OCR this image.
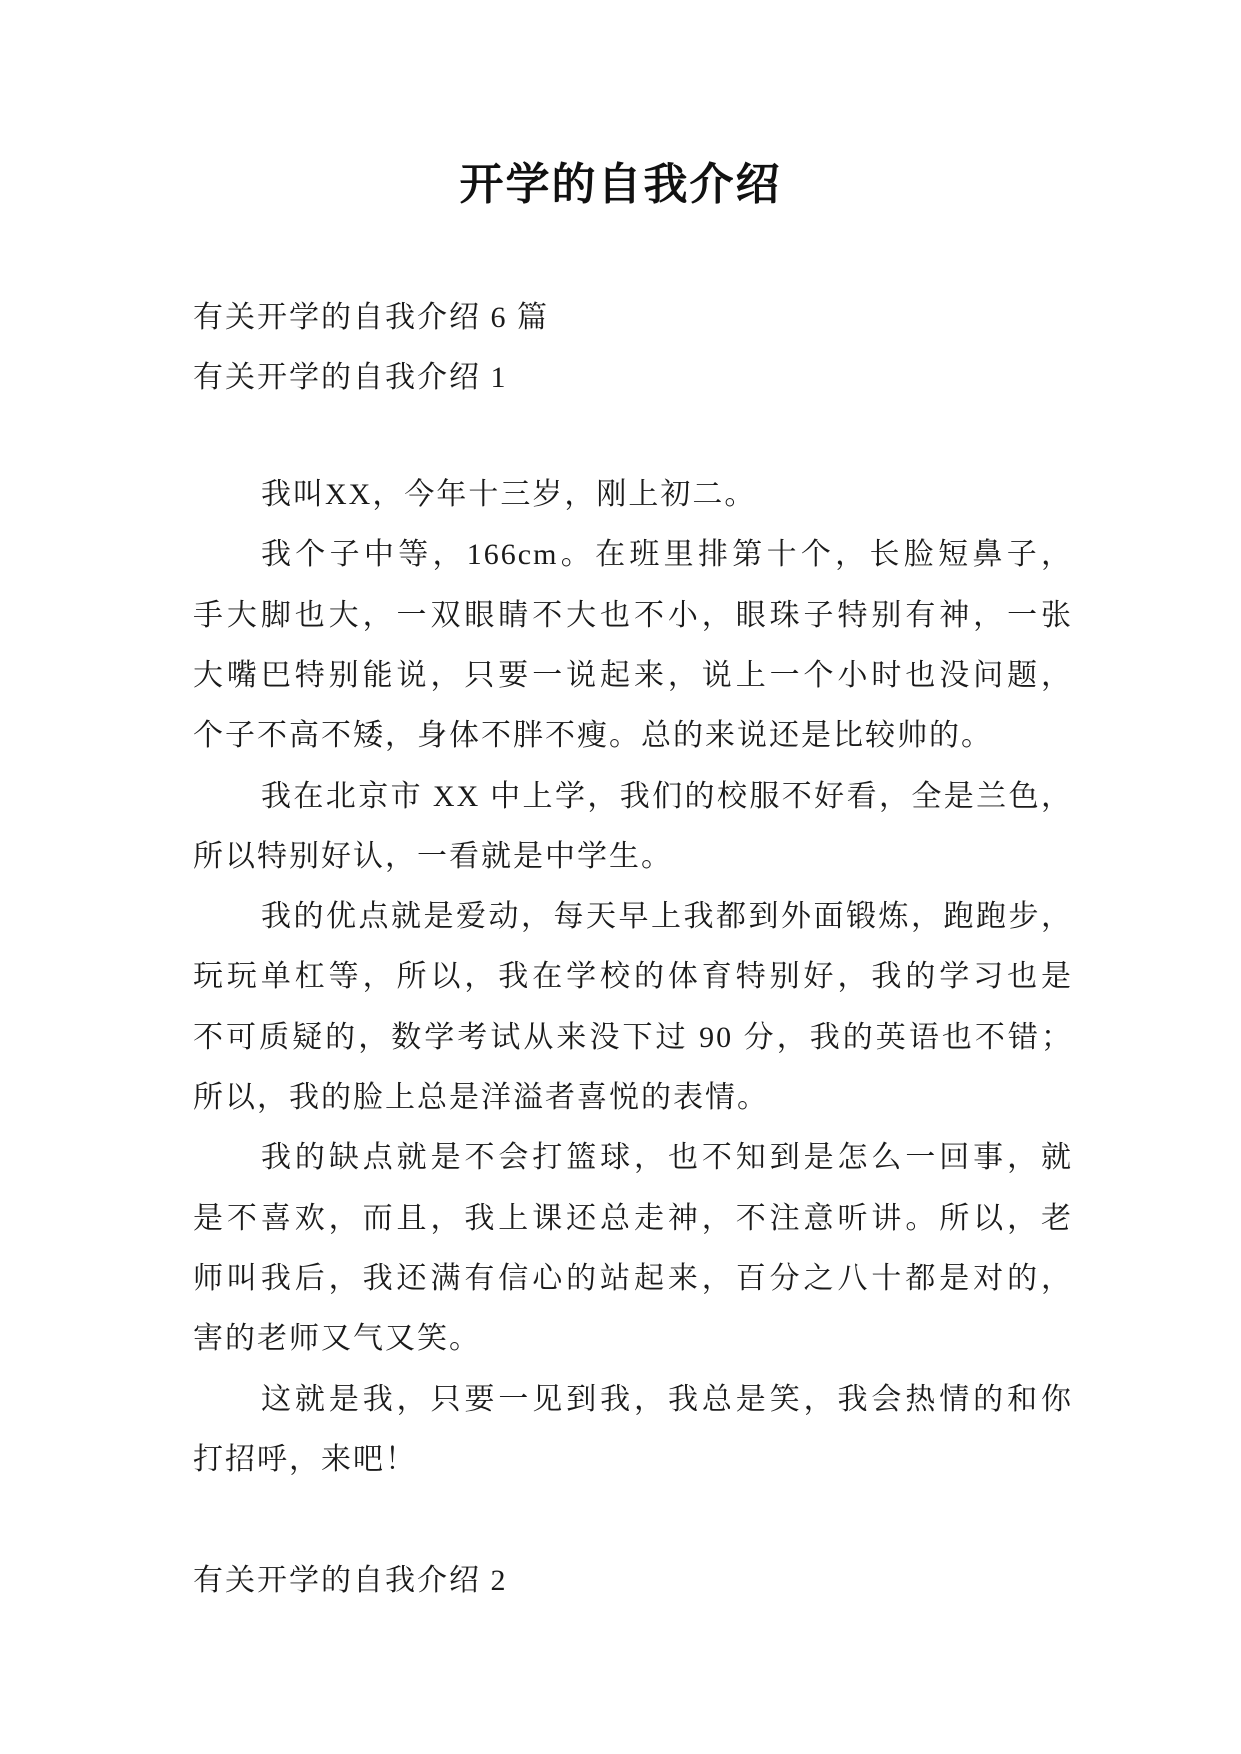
开学的自我介绍
有关开学的自我介绍 6 篇
有关开学的自我介绍 1
我叫XX，今年十三岁，刚上初二。
我个子中等，166cm。在班里排第十个，长脸短鼻子，
手大脚也大，一双眼睛不大也不小，眼珠子特别有神，一张
大嘴巴特别能说，只要一说起来，说上一个小时也没问题，
个子不高不矮，身体不胖不瘦。总的来说还是比较帅的。
我在北京市 XX 中上学，我们的校服不好看，全是兰色，
所以特别好认，一看就是中学生。
我的优点就是爱动，每天早上我都到外面锻炼，跑跑步，
玩玩单杠等，所以，我在学校的体育特别好，我的学习也是
不可质疑的，数学考试从来没下过 90 分，我的英语也不错；
所以，我的脸上总是洋溢者喜悦的表情。
我的缺点就是不会打篮球，也不知到是怎么一回事，就
是不喜欢，而且，我上课还总走神，不注意听讲。所以，老
师叫我后，我还满有信心的站起来，百分之八十都是对的，
害的老师又气又笑。
这就是我，只要一见到我，我总是笑，我会热情的和你
打招呼，来吧！
有关开学的自我介绍 2
